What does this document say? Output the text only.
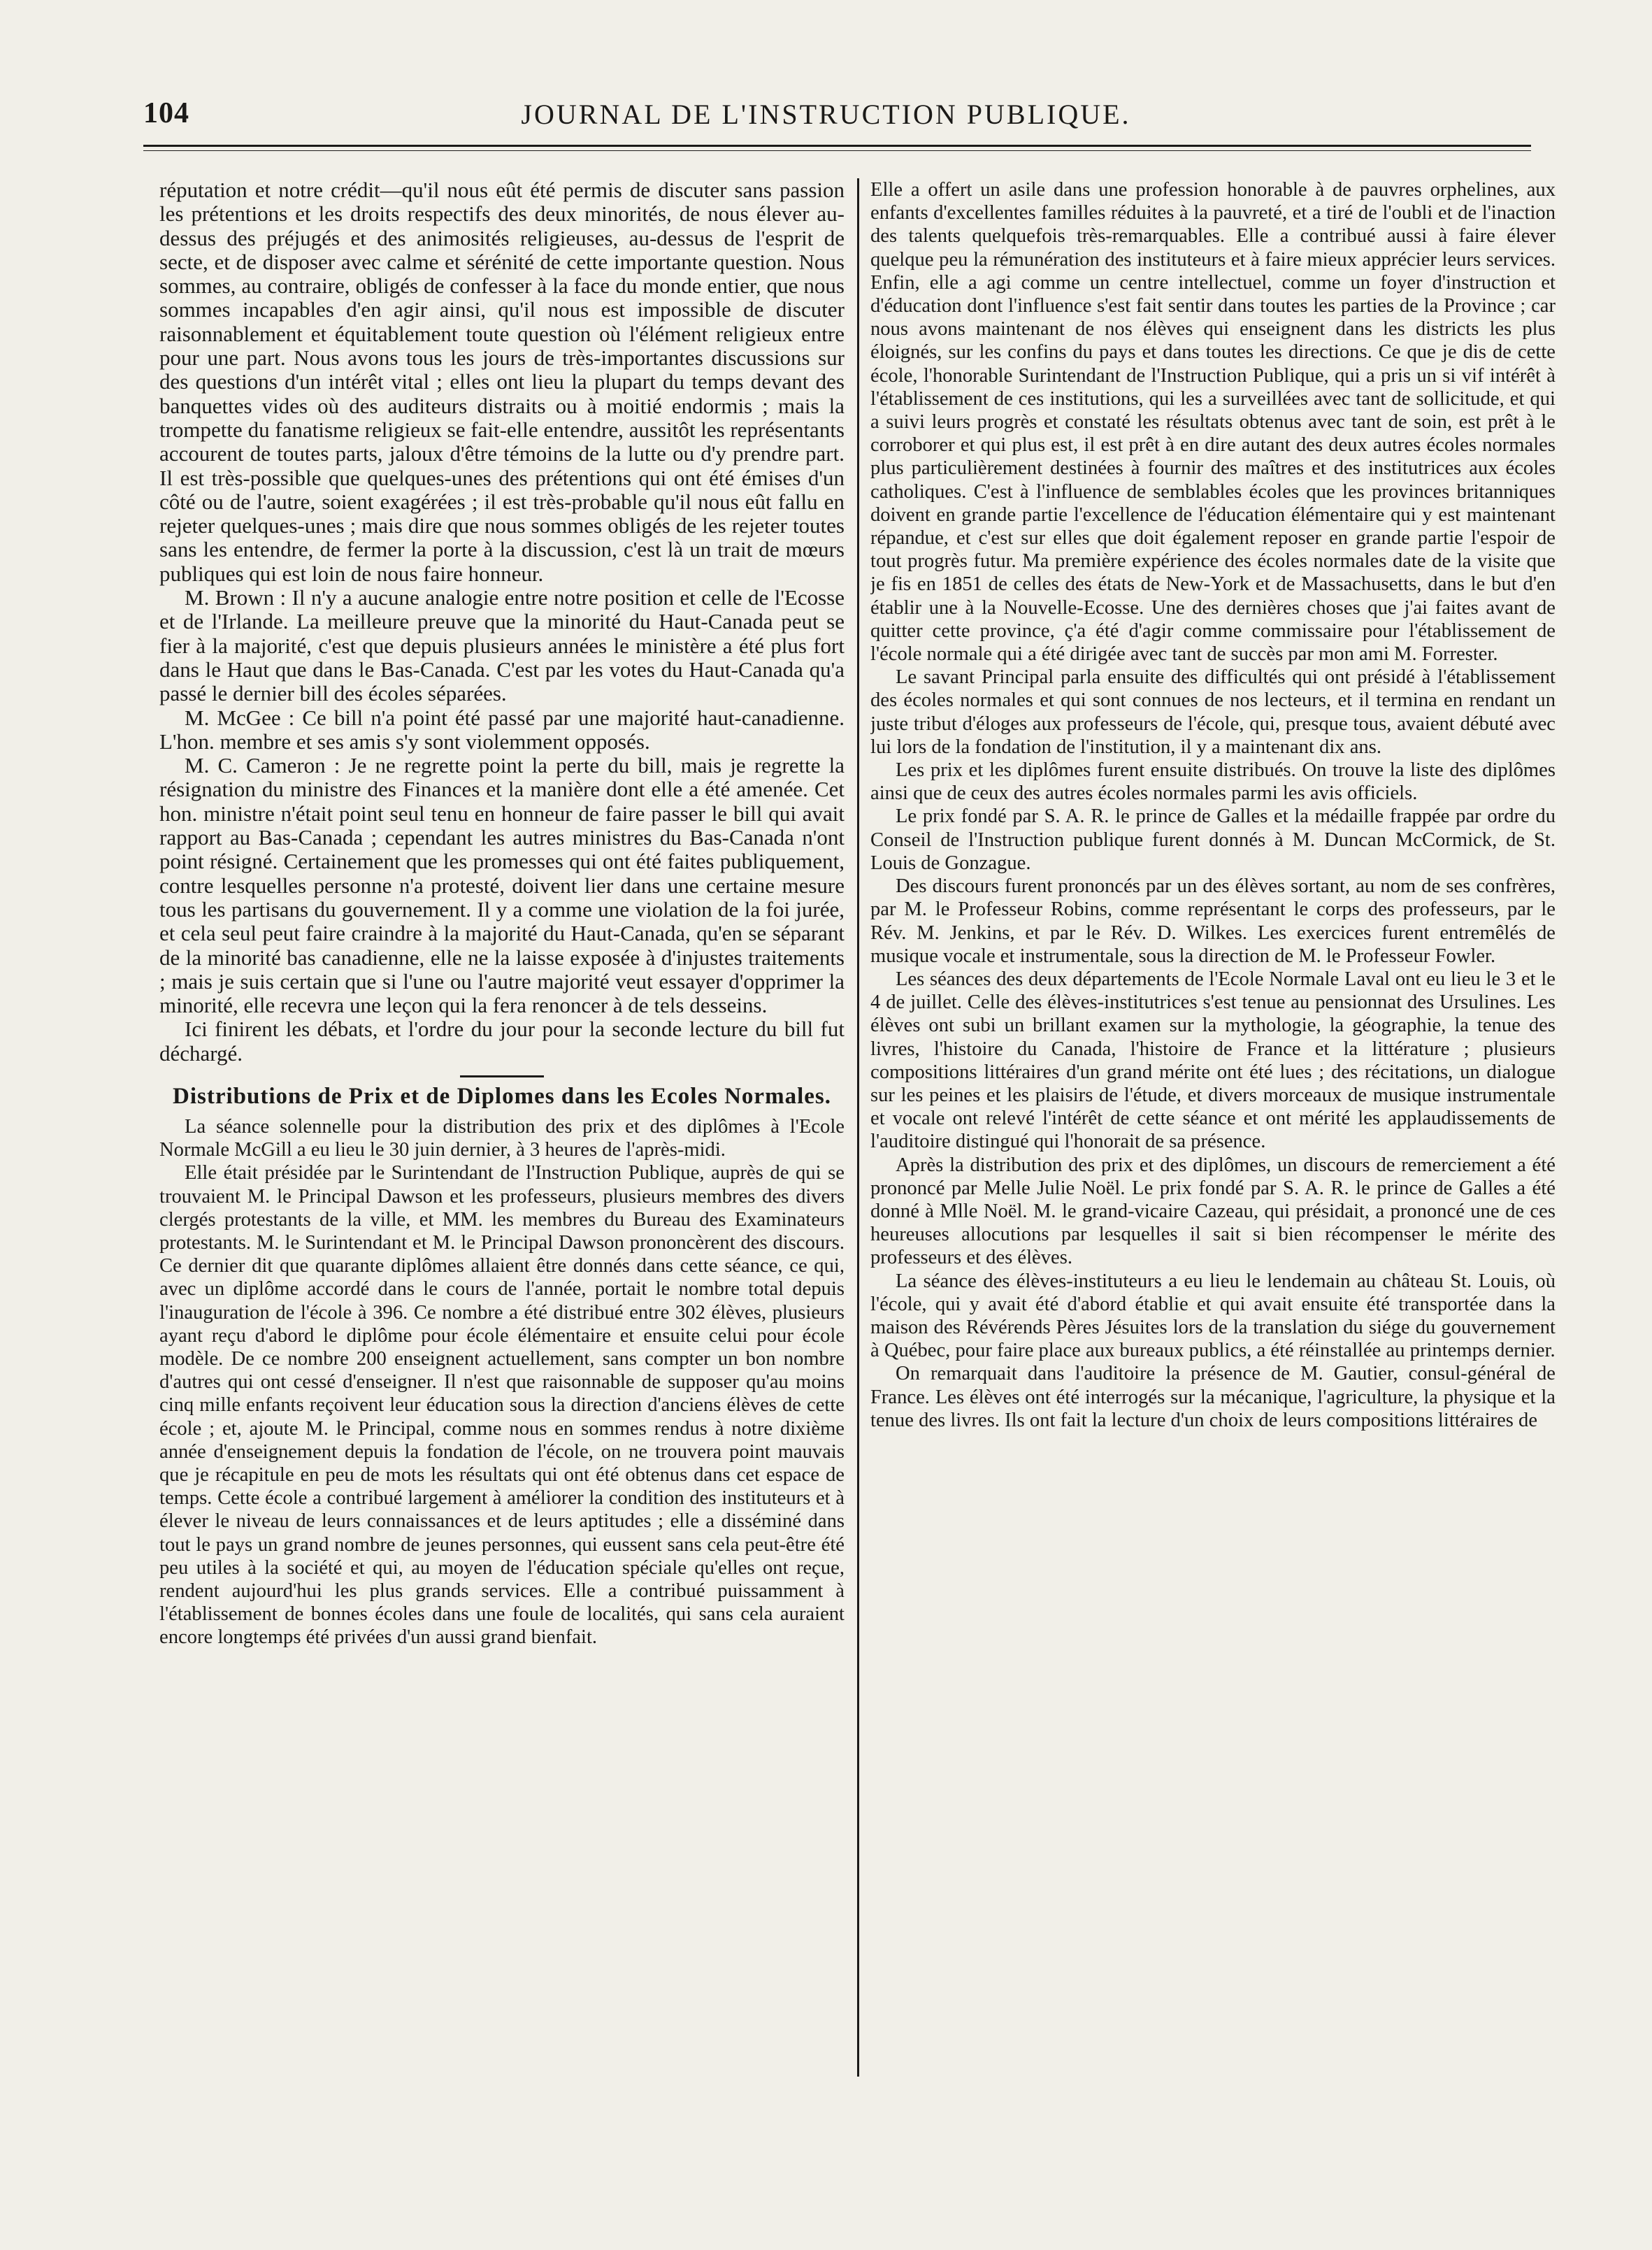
104	JOURNAL DE L'INSTRUCTION PUBLIQUE.

réputation et notre crédit—qu'il nous eût été permis de discuter sans passion les prétentions et les droits respectifs des deux minorités, de nous élever au-dessus des préjugés et des animosités religieuses, au-dessus de l'esprit de secte, et de disposer avec calme et sérénité de cette importante question. Nous sommes, au contraire, obligés de confesser à la face du monde entier, que nous sommes incapables d'en agir ainsi, qu'il nous est impossible de discuter raisonnablement et équitablement toute question où l'élément religieux entre pour une part. Nous avons tous les jours de très-importantes discussions sur des questions d'un intérêt vital ; elles ont lieu la plupart du temps devant des banquettes vides où des auditeurs distraits ou à moitié endormis ; mais la trompette du fanatisme religieux se fait-elle entendre, aussitôt les représentants accourent de toutes parts, jaloux d'être témoins de la lutte ou d'y prendre part. Il est très-possible que quelques-unes des prétentions qui ont été émises d'un côté ou de l'autre, soient exagérées ; il est très-probable qu'il nous eût fallu en rejeter quelques-unes ; mais dire que nous sommes obligés de les rejeter toutes sans les entendre, de fermer la porte à la discussion, c'est là un trait de mœurs publiques qui est loin de nous faire honneur.

M. Brown : Il n'y a aucune analogie entre notre position et celle de l'Ecosse et de l'Irlande. La meilleure preuve que la minorité du Haut-Canada peut se fier à la majorité, c'est que depuis plusieurs années le ministère a été plus fort dans le Haut que dans le Bas-Canada. C'est par les votes du Haut-Canada qu'a passé le dernier bill des écoles séparées.

M. McGee : Ce bill n'a point été passé par une majorité haut-canadienne. L'hon. membre et ses amis s'y sont violemment opposés.

M. C. Cameron : Je ne regrette point la perte du bill, mais je regrette la résignation du ministre des Finances et la manière dont elle a été amenée. Cet hon. ministre n'était point seul tenu en honneur de faire passer le bill qui avait rapport au Bas-Canada ; cependant les autres ministres du Bas-Canada n'ont point résigné. Certainement que les promesses qui ont été faites publiquement, contre lesquelles personne n'a protesté, doivent lier dans une certaine mesure tous les partisans du gouvernement. Il y a comme une violation de la foi jurée, et cela seul peut faire craindre à la majorité du Haut-Canada, qu'en se séparant de la minorité bas canadienne, elle ne la laisse exposée à d'injustes traitements ; mais je suis certain que si l'une ou l'autre majorité veut essayer d'opprimer la minorité, elle recevra une leçon qui la fera renoncer à de tels desseins.

Ici finirent les débats, et l'ordre du jour pour la seconde lecture du bill fut déchargé.

Distributions de Prix et de Diplomes dans les Ecoles Normales.

La séance solennelle pour la distribution des prix et des diplômes à l'Ecole Normale McGill a eu lieu le 30 juin dernier, à 3 heures de l'après-midi.

Elle était présidée par le Surintendant de l'Instruction Publique, auprès de qui se trouvaient M. le Principal Dawson et les professeurs, plusieurs membres des divers clergés protestants de la ville, et MM. les membres du Bureau des Examinateurs protestants. M. le Surintendant et M. le Principal Dawson prononcèrent des discours. Ce dernier dit que quarante diplômes allaient être donnés dans cette séance, ce qui, avec un diplôme accordé dans le cours de l'année, portait le nombre total depuis l'inauguration de l'école à 396. Ce nombre a été distribué entre 302 élèves, plusieurs ayant reçu d'abord le diplôme pour école élémentaire et ensuite celui pour école modèle. De ce nombre 200 enseignent actuellement, sans compter un bon nombre d'autres qui ont cessé d'enseigner. Il n'est que raisonnable de supposer qu'au moins cinq mille enfants reçoivent leur éducation sous la direction d'anciens élèves de cette école ; et, ajoute M. le Principal, comme nous en sommes rendus à notre dixième année d'enseignement depuis la fondation de l'école, on ne trouvera point mauvais que je récapitule en peu de mots les résultats qui ont été obtenus dans cet espace de temps. Cette école a contribué largement à améliorer la condition des instituteurs et à élever le niveau de leurs connaissances et de leurs aptitudes ; elle a disséminé dans tout le pays un grand nombre de jeunes personnes, qui eussent sans cela peut-être été peu utiles à la société et qui, au moyen de l'éducation spéciale qu'elles ont reçue, rendent aujourd'hui les plus grands services. Elle a contribué puissamment à l'établissement de bonnes écoles dans une foule de localités, qui sans cela auraient encore longtemps été privées d'un aussi grand bienfait.

Elle a offert un asile dans une profession honorable à de pauvres orphelines, aux enfants d'excellentes familles réduites à la pauvreté, et a tiré de l'oubli et de l'inaction des talents quelquefois très-remarquables. Elle a contribué aussi à faire élever quelque peu la rémunération des instituteurs et à faire mieux apprécier leurs services. Enfin, elle a agi comme un centre intellectuel, comme un foyer d'instruction et d'éducation dont l'influence s'est fait sentir dans toutes les parties de la Province ; car nous avons maintenant de nos élèves qui enseignent dans les districts les plus éloignés, sur les confins du pays et dans toutes les directions. Ce que je dis de cette école, l'honorable Surintendant de l'Instruction Publique, qui a pris un si vif intérêt à l'établissement de ces institutions, qui les a surveillées avec tant de sollicitude, et qui a suivi leurs progrès et constaté les résultats obtenus avec tant de soin, est prêt à le corroborer et qui plus est, il est prêt à en dire autant des deux autres écoles normales plus particulièrement destinées à fournir des maîtres et des institutrices aux écoles catholiques. C'est à l'influence de semblables écoles que les provinces britanniques doivent en grande partie l'excellence de l'éducation élémentaire qui y est maintenant répandue, et c'est sur elles que doit également reposer en grande partie l'espoir de tout progrès futur. Ma première expérience des écoles normales date de la visite que je fis en 1851 de celles des états de New-York et de Massachusetts, dans le but d'en établir une à la Nouvelle-Ecosse. Une des dernières choses que j'ai faites avant de quitter cette province, ç'a été d'agir comme commissaire pour l'établissement de l'école normale qui a été dirigée avec tant de succès par mon ami M. Forrester.

Le savant Principal parla ensuite des difficultés qui ont présidé à l'établissement des écoles normales et qui sont connues de nos lecteurs, et il termina en rendant un juste tribut d'éloges aux professeurs de l'école, qui, presque tous, avaient débuté avec lui lors de la fondation de l'institution, il y a maintenant dix ans.

Les prix et les diplômes furent ensuite distribués. On trouve la liste des diplômes ainsi que de ceux des autres écoles normales parmi les avis officiels.

Le prix fondé par S. A. R. le prince de Galles et la médaille frappée par ordre du Conseil de l'Instruction publique furent donnés à M. Duncan McCormick, de St. Louis de Gonzague.

Des discours furent prononcés par un des élèves sortant, au nom de ses confrères, par M. le Professeur Robins, comme représentant le corps des professeurs, par le Rév. M. Jenkins, et par le Rév. D. Wilkes. Les exercices furent entremêlés de musique vocale et instrumentale, sous la direction de M. le Professeur Fowler.

Les séances des deux départements de l'Ecole Normale Laval ont eu lieu le 3 et le 4 de juillet. Celle des élèves-institutrices s'est tenue au pensionnat des Ursulines. Les élèves ont subi un brillant examen sur la mythologie, la géographie, la tenue des livres, l'histoire du Canada, l'histoire de France et la littérature ; plusieurs compositions littéraires d'un grand mérite ont été lues ; des récitations, un dialogue sur les peines et les plaisirs de l'étude, et divers morceaux de musique instrumentale et vocale ont relevé l'intérêt de cette séance et ont mérité les applaudissements de l'auditoire distingué qui l'honorait de sa présence.

Après la distribution des prix et des diplômes, un discours de remerciement a été prononcé par Melle Julie Noël. Le prix fondé par S. A. R. le prince de Galles a été donné à Mlle Noël. M. le grand-vicaire Cazeau, qui présidait, a prononcé une de ces heureuses allocutions par lesquelles il sait si bien récompenser le mérite des professeurs et des élèves.

La séance des élèves-instituteurs a eu lieu le lendemain au château St. Louis, où l'école, qui y avait été d'abord établie et qui avait ensuite été transportée dans la maison des Révérends Pères Jésuites lors de la translation du siége du gouvernement à Québec, pour faire place aux bureaux publics, a été réinstallée au printemps dernier.

On remarquait dans l'auditoire la présence de M. Gautier, consul-général de France. Les élèves ont été interrogés sur la mécanique, l'agriculture, la physique et la tenue des livres. Ils ont fait la lecture d'un choix de leurs compositions littéraires de
